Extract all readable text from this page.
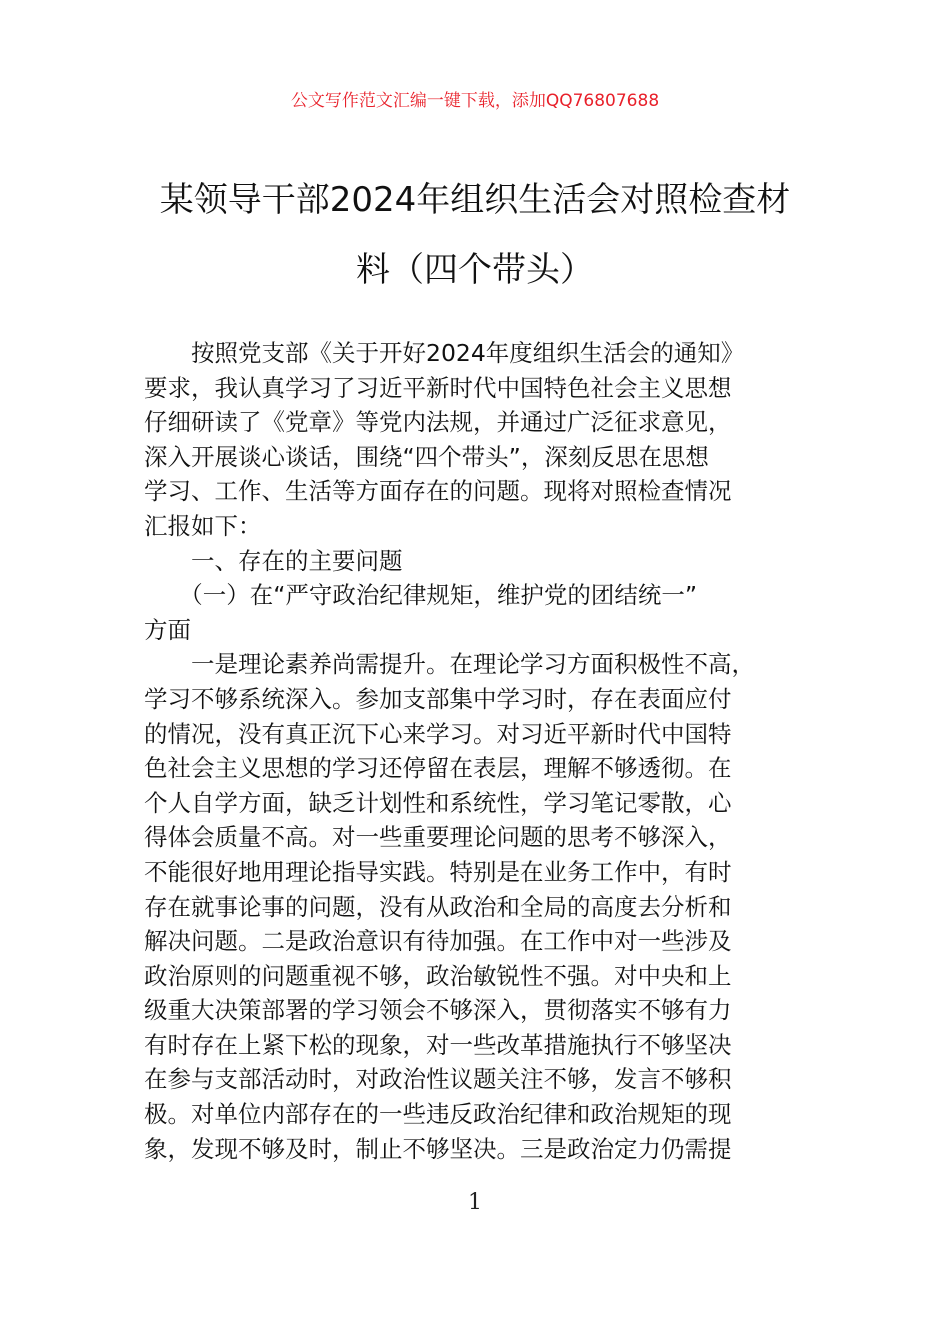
公文写作范文汇编一键下载，添加QQ76807688
某领导干部2024年组织生活会对照检查材
料（四个带头）
　　按照党支部《关于开好2024年度组织生活会的通知》
要求，我认真学习了习近平新时代中国特色社会主义思想
仔细研读了《党章》等党内法规，并通过广泛征求意见，
深入开展谈心谈话，围绕“四个带头”，深刻反思在思想
学习、工作、生活等方面存在的问题。现将对照检查情况
汇报如下：
　　一、存在的主要问题
　　（一）在“严守政治纪律规矩，维护党的团结统一”
方面
　　一是理论素养尚需提升。在理论学习方面积极性不高，
学习不够系统深入。参加支部集中学习时，存在表面应付
的情况，没有真正沉下心来学习。对习近平新时代中国特
色社会主义思想的学习还停留在表层，理解不够透彻。在
个人自学方面，缺乏计划性和系统性，学习笔记零散，心
得体会质量不高。对一些重要理论问题的思考不够深入，
不能很好地用理论指导实践。特别是在业务工作中，有时
存在就事论事的问题，没有从政治和全局的高度去分析和
解决问题。二是政治意识有待加强。在工作中对一些涉及
政治原则的问题重视不够，政治敏锐性不强。对中央和上
级重大决策部署的学习领会不够深入，贯彻落实不够有力
有时存在上紧下松的现象，对一些改革措施执行不够坚决
在参与支部活动时，对政治性议题关注不够，发言不够积
极。对单位内部存在的一些违反政治纪律和政治规矩的现
象，发现不够及时，制止不够坚决。三是政治定力仍需提
1
